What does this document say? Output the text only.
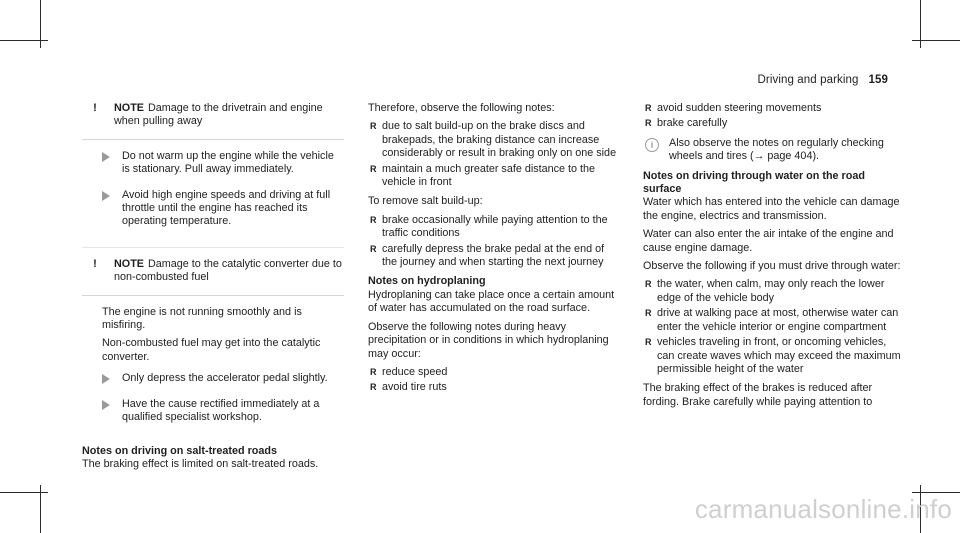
Driving and parking 159
!	NOTE Damage to the drivetrain and engine when pulling away
Do not warm up the engine while the vehicle is stationary. Pull away immediately.
Avoid high engine speeds and driving at full throttle until the engine has reached its operating temperature.
!	NOTE Damage to the catalytic converter due to non-combusted fuel

The engine is not running smoothly and is misfiring.

Non-combusted fuel may get into the catalytic converter.

Only depress the accelerator pedal slightly.
Have the cause rectified immediately at a qualified specialist workshop.
Notes on driving on salt-treated roads

The braking effect is limited on salt-treated roads.

Therefore, observe the following notes:

R due to salt build-up on the brake discs and brakepads, the braking distance can increase considerably or result in braking only on one side
R maintain a much greater safe distance to the vehicle in front

To remove salt build-up:

R brake occasionally while paying attention to the traffic conditions
R carefully depress the brake pedal at the end of the journey and when starting the next journey
Notes on hydroplaning

Hydroplaning can take place once a certain amount of water has accumulated on the road surface.

Observe the following notes during heavy precipitation or in conditions in which hydroplaning may occur:

R reduce speed
R avoid tire ruts
R avoid sudden steering movements
R brake carefully
i	Also observe the notes on regularly checking wheels and tires (→ page 404).
Notes on driving through water on the road surface

Water which has entered into the vehicle can damage the engine, electrics and transmission.

Water can also enter the air intake of the engine and cause engine damage.

Observe the following if you must drive through water:

R the water, when calm, may only reach the lower edge of the vehicle body
R drive at walking pace at most, otherwise water can enter the vehicle interior or engine compartment
R vehicles traveling in front, or oncoming vehicles, can create waves which may exceed the maximum permissible height of the water

The braking effect of the brakes is reduced after fording. Brake carefully while paying attention to

carmanualsonline.info
